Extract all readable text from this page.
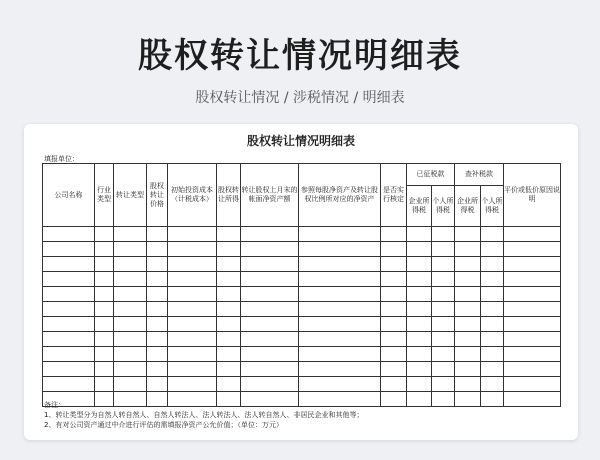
股权转让情况明细表
股权转让情况 / 涉税情况 / 明细表
股权转让情况明细表
填报单位：
公司名称	行业类型	转让类型	股权转让价格	初始投资成本（计税成本）	股权转让所得	转让股权上月末的帐面净资产额	参照每股净资产及转让股权比例所对应的净资产	是否实行核定	已征税款		查补税款		平价或低价原因说明
									企业所得税	个人所得税	企业所得税	个人所得税	

备注：
1、转让类型分为自然人转自然人、自然人转法人、法人转法人、法人转自然人、非居民企业和其他等；
2、有对公司资产通过中介进行评估的需填报净资产公允价值；（单位：万元）
